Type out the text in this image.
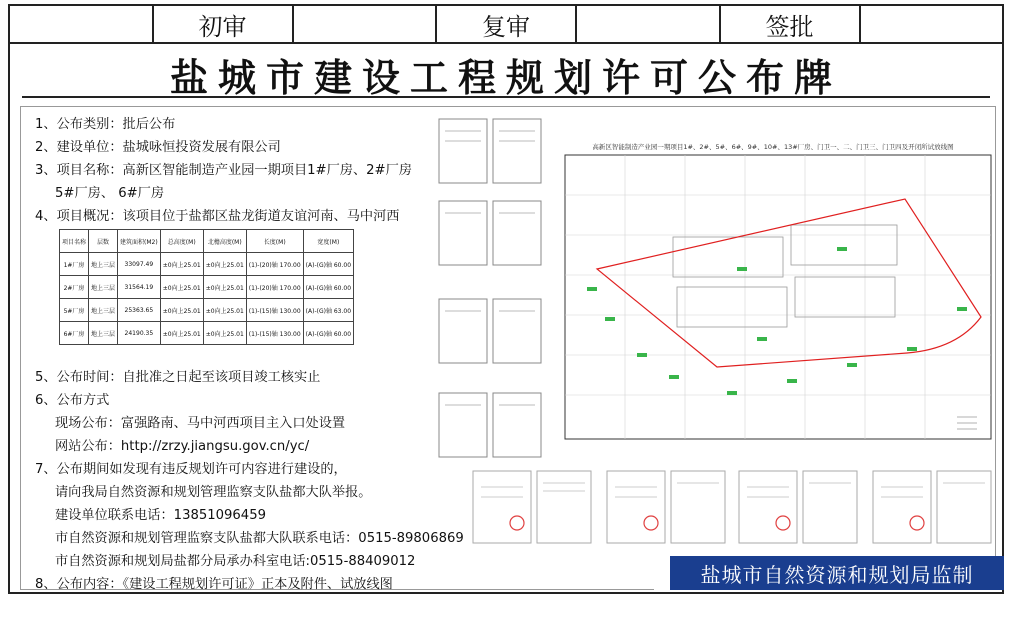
初审	复审	签批
盐城市建设工程规划许可公布牌
1、公布类别：批后公布
2、建设单位：盐城咏恒投资发展有限公司
3、项目名称：高新区智能制造产业园一期项目1#厂房、2#厂房
5#厂房、 6#厂房
4、项目概况：该项目位于盐都区盐龙街道友谊河南、马中河西
5、公布时间：自批准之日起至该项目竣工核实止
6、公布方式
现场公布：富强路南、马中河西项目主入口处设置
网站公布：http://zrzy.jiangsu.gov.cn/yc/
7、公布期间如发现有违反规划许可内容进行建设的，
请向我局自然资源和规划管理监察支队盐都大队举报。
建设单位联系电话：13851096459
市自然资源和规划管理监察支队盐都大队联系电话：0515-89806869
市自然资源和规划局盐都分局承办科室电话:0515-88409012
8、公布内容：《建设工程规划许可证》正本及附件、试放线图
项目名称	层数	建筑面积(M2)	总高度(M)	北檐高度(M)	长度(M)	宽度(M)
1#厂房	地上三层	33097.49	±0向上25.01	±0向上25.01	(1)-(20)轴 170.00	(A)-(G)轴 60.00
2#厂房	地上三层	31564.19	±0向上25.01	±0向上25.01	(1)-(20)轴 170.00	(A)-(G)轴 60.00
5#厂房	地上三层	25363.65	±0向上25.01	±0向上25.01	(1)-(15)轴 130.00	(A)-(G)轴 63.00
6#厂房	地上三层	24190.35	±0向上25.01	±0向上25.01	(1)-(15)轴 130.00	(A)-(G)轴 60.00
高新区智能制造产业园一期项目1#、2#、5#、6#、9#、10#、13#厂房、门卫一、二、门卫三、门卫四及开闭所试放线图
盐城市自然资源和规划局监制
